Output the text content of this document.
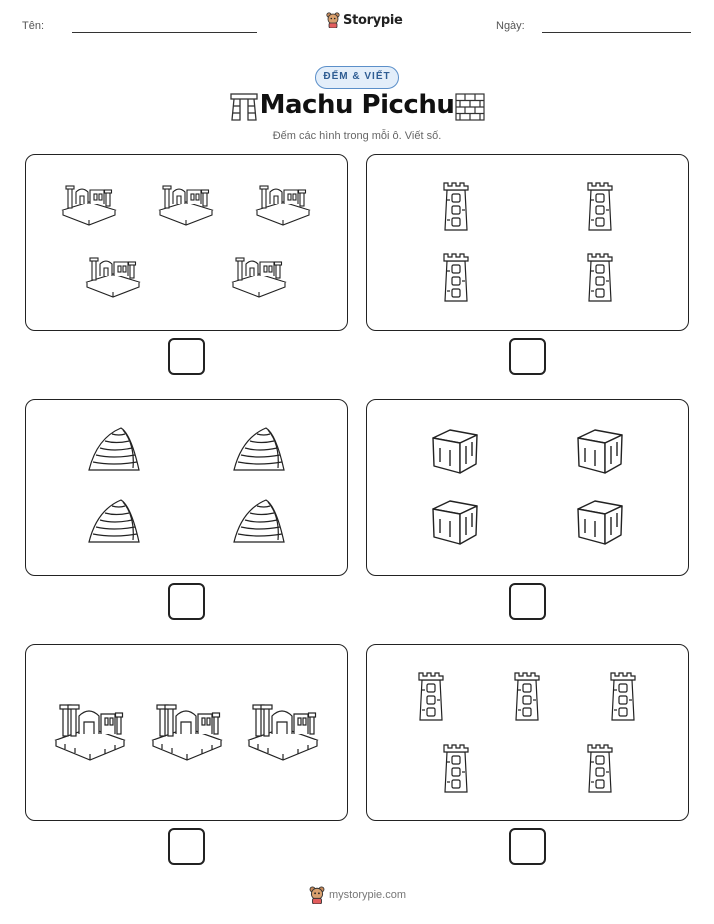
Tên:	Storypie	Ngày:
ĐẾM & VIẾT
Machu Picchu
Đếm các hình trong mỗi ô. Viết số.
mystorypie.com
